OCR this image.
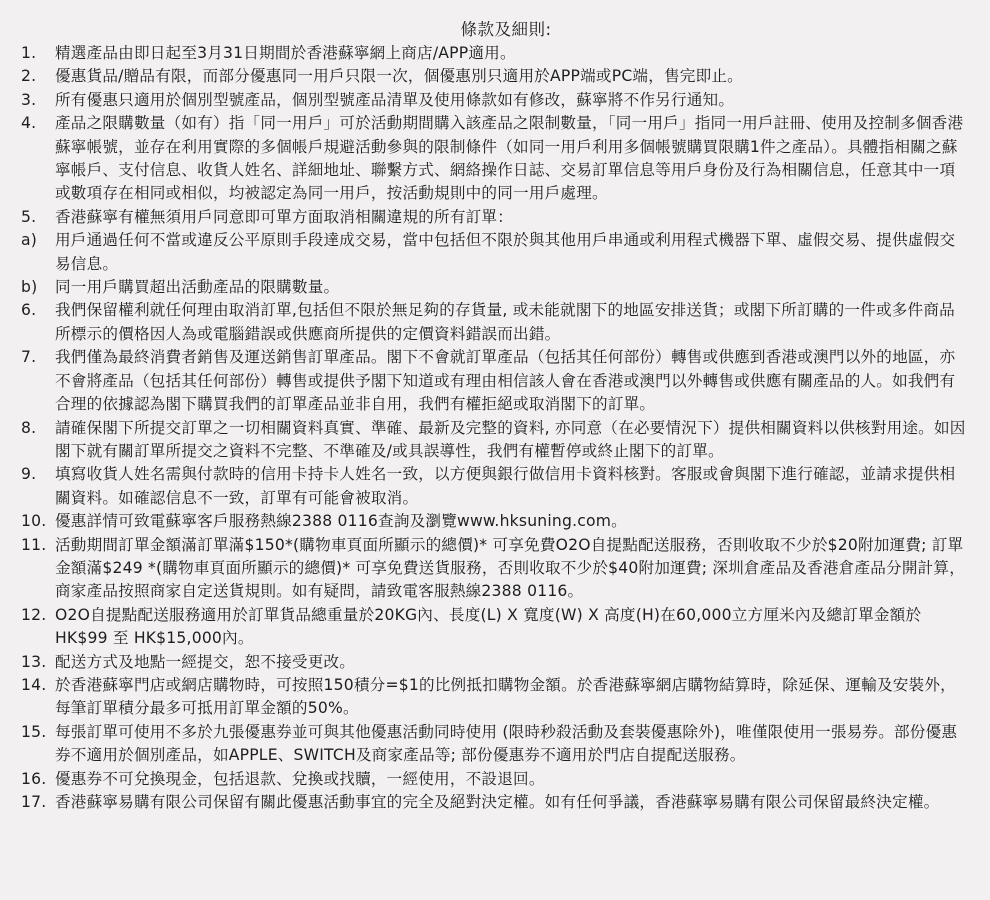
條款及細則:
1.	精選產品由即日起至3月31日期間於香港蘇寧網上商店/APP適用。
2.	優惠貨品/贈品有限，而部分優惠同一用戶只限一次，個優惠別只適用於APP端或PC端，售完即止。
3.	所有優惠只適用於個別型號產品，個別型號產品清單及使用條款如有修改，蘇寧將不作另行通知。
4.	產品之限購數量（如有）指「同一用戶」可於活動期間購入該產品之限制數量，「同一用戶」指同一用戶註冊、使用及控制多個香港蘇寧帳號，並存在利用實際的多個帳戶規避活動參與的限制條件（如同一用戶利用多個帳號購買限購1件之產品）。具體指相關之蘇寧帳戶、支付信息、收貨人姓名、詳細地址、聯繫方式、網絡操作日誌、交易訂單信息等用戶身份及行為相關信息，任意其中一項或數項存在相同或相似，均被認定為同一用戶，按活動規則中的同一用戶處理。
5.	香港蘇寧有權無須用戶同意即可單方面取消相關違規的所有訂單：
a)	用戶通過任何不當或違反公平原則手段達成交易，當中包括但不限於與其他用戶串通或利用程式機器下單、虛假交易、提供虛假交易信息。
b)	同一用戶購買超出活動產品的限購數量。
6.	我們保留權利就任何理由取消訂單,包括但不限於無足夠的存貨量, 或未能就閣下的地區安排送貨；或閣下所訂購的一件或多件商品所標示的價格因人為或電腦錯誤或供應商所提供的定價資料錯誤而出錯。
7.	我們僅為最終消費者銷售及運送銷售訂單產品。閣下不會就訂單產品（包括其任何部份）轉售或供應到香港或澳門以外的地區，亦不會將產品（包括其任何部份）轉售或提供予閣下知道或有理由相信該人會在香港或澳門以外轉售或供應有關產品的人。如我們有合理的依據認為閣下購買我們的訂單產品並非自用，我們有權拒絕或取消閣下的訂單。
8.	請確保閣下所提交訂單之一切相關資料真實、準確、最新及完整的資料, 亦同意（在必要情況下）提供相關資料以供核對用途。如因閣下就有關訂單所提交之資料不完整、不準確及/或具誤導性，我們有權暫停或終止閣下的訂單。
9.	填寫收貨人姓名需與付款時的信用卡持卡人姓名一致，以方便與銀行做信用卡資料核對。客服或會與閣下進行確認，並請求提供相關資料。如確認信息不一致，訂單有可能會被取消。
10. 優惠詳情可致電蘇寧客戶服務熱線2388 0116查詢及瀏覽www.hksuning.com。
11. 活動期間訂單金額滿訂單滿$150*(購物車頁面所顯示的總價)* 可享免費O2O自提點配送服務，否則收取不少於$20附加運費; 訂單金額滿$249 *(購物車頁面所顯示的總價)* 可享免費送貨服務，否則收取不少於$40附加運費; 深圳倉產品及香港倉產品分開計算，商家產品按照商家自定送貨規則。如有疑問，請致電客服熱線2388 0116。
12. O2O自提點配送服務適用於訂單貨品總重量於20KG內、長度(L) X 寬度(W) X 高度(H)在60,000立方厘米內及總訂單金額於HK$99 至 HK$15,000內。
13. 配送方式及地點一經提交，恕不接受更改。
14. 於香港蘇寧門店或網店購物時，可按照150積分=$1的比例抵扣購物金額。於香港蘇寧網店購物結算時，除延保、運輸及安裝外，每筆訂單積分最多可抵用訂單金額的50%。
15. 每張訂單可使用不多於九張優惠券並可與其他優惠活動同時使用 (限時秒殺活動及套裝優惠除外)，唯僅限使用一張易券。部份優惠券不適用於個別產品，如APPLE、SWITCH及商家產品等; 部份優惠券不適用於門店自提配送服務。
16. 優惠券不可兌換現金，包括退款、兌換或找贖，一經使用，不設退回。
17. 香港蘇寧易購有限公司保留有關此優惠活動事宜的完全及絕對決定權。如有任何爭議，香港蘇寧易購有限公司保留最終決定權。
